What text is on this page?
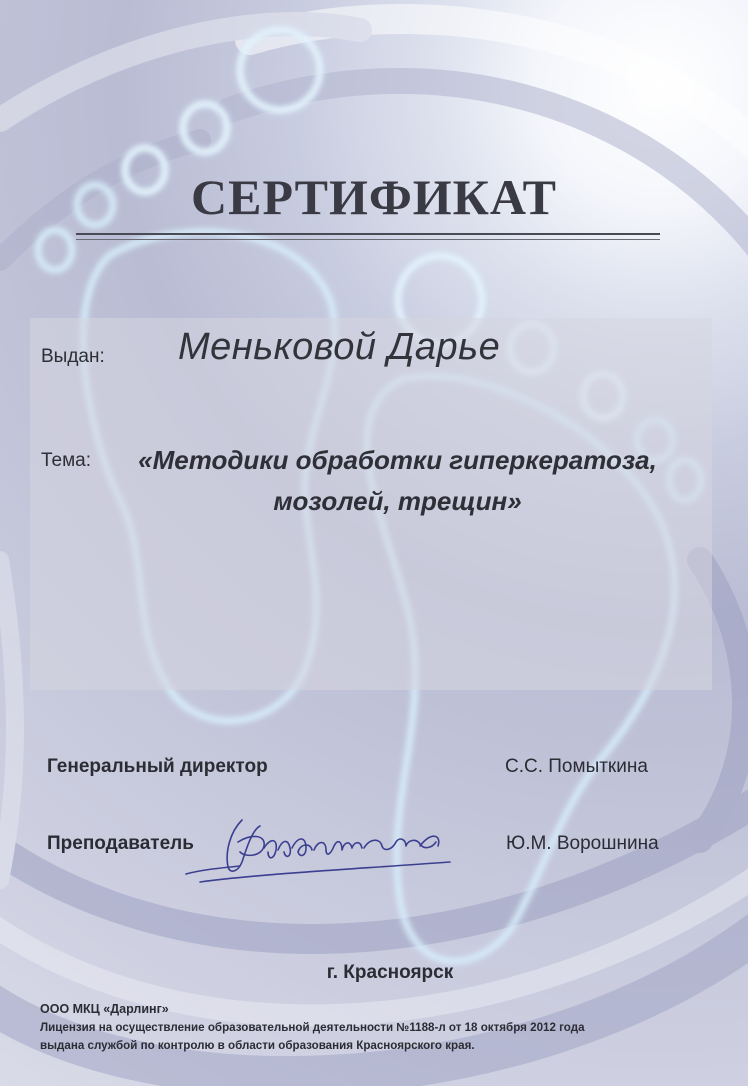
СЕРТИФИКАТ
Выдан: Меньковой Дарье
Тема:	«Методики обработки гиперкератоза,
мозолей, трещин»
Генеральный директор	С.С. Помыткина
Преподаватель	Ю.М. Ворошнина
г. Красноярск
ООО МКЦ «Дарлинг»
Лицензия на осуществление образовательной деятельности №1188-л от 18 октября 2012 года
выдана службой по контролю в области образования Красноярского края.
